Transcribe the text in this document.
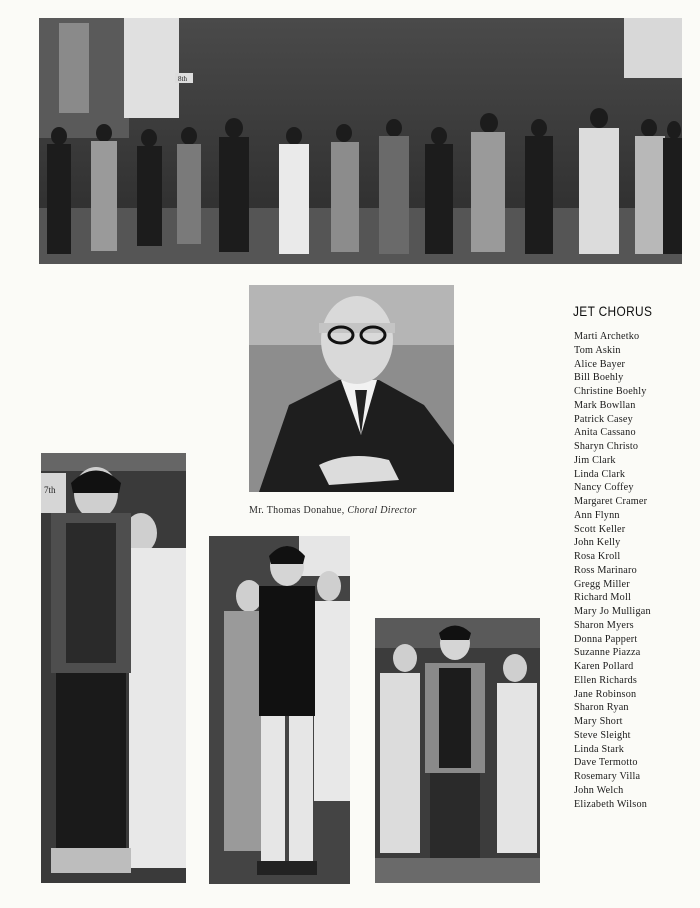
8th
Mr. Thomas Donahue, Choral Director
7th
JET CHORUS
Marti Archetko
Tom Askin
Alice Bayer
Bill Boehly
Christine Boehly
Mark Bowllan
Patrick Casey
Anita Cassano
Sharyn Christo
Jim Clark
Linda Clark
Nancy Coffey
Margaret Cramer
Ann Flynn
Scott Keller
John Kelly
Rosa Kroll
Ross Marinaro
Gregg Miller
Richard Moll
Mary Jo Mulligan
Sharon Myers
Donna Pappert
Suzanne Piazza
Karen Pollard
Ellen Richards
Jane Robinson
Sharon Ryan
Mary Short
Steve Sleight
Linda Stark
Dave Termotto
Rosemary Villa
John Welch
Elizabeth Wilson
